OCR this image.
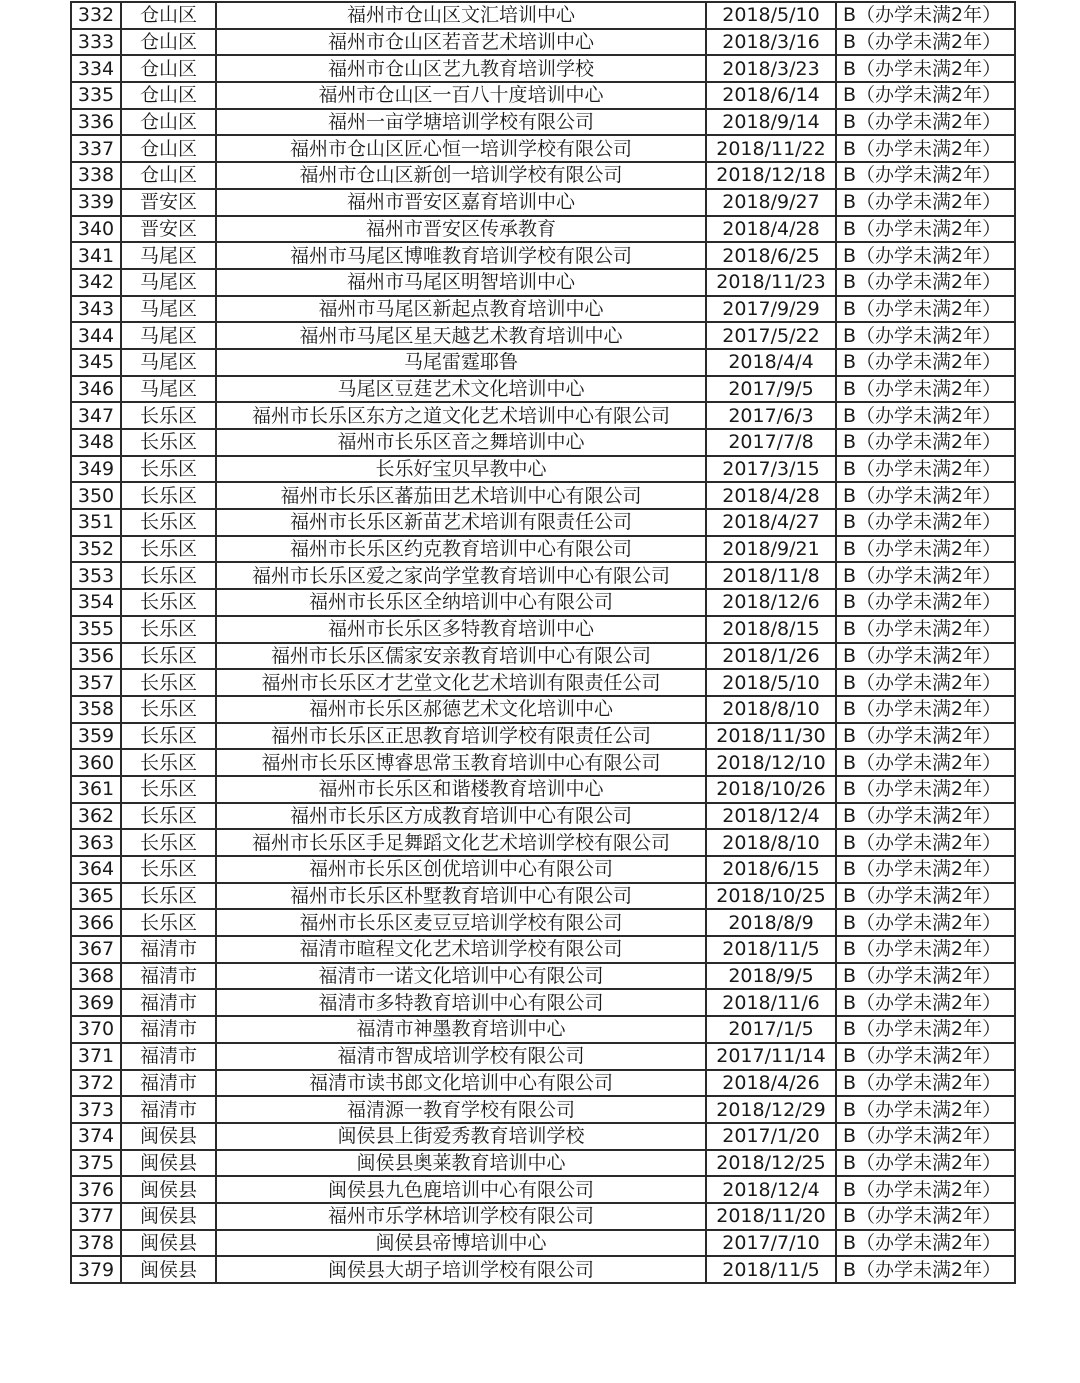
332	仓山区	福州市仓山区文汇培训中心	2018/5/10	B（办学未满2年）
333	仓山区	福州市仓山区若音艺术培训中心	2018/3/16	B（办学未满2年）
334	仓山区	福州市仓山区艺九教育培训学校	2018/3/23	B（办学未满2年）
335	仓山区	福州市仓山区一百八十度培训中心	2018/6/14	B（办学未满2年）
336	仓山区	福州一亩学塘培训学校有限公司	2018/9/14	B（办学未满2年）
337	仓山区	福州市仓山区匠心恒一培训学校有限公司	2018/11/22	B（办学未满2年）
338	仓山区	福州市仓山区新创一培训学校有限公司	2018/12/18	B（办学未满2年）
339	晋安区	福州市晋安区嘉育培训中心	2018/9/27	B（办学未满2年）
340	晋安区	福州市晋安区传承教育	2018/4/28	B（办学未满2年）
341	马尾区	福州市马尾区博唯教育培训学校有限公司	2018/6/25	B（办学未满2年）
342	马尾区	福州市马尾区明智培训中心	2018/11/23	B（办学未满2年）
343	马尾区	福州市马尾区新起点教育培训中心	2017/9/29	B（办学未满2年）
344	马尾区	福州市马尾区星天越艺术教育培训中心	2017/5/22	B（办学未满2年）
345	马尾区	马尾雷霆耶鲁	2018/4/4	B（办学未满2年）
346	马尾区	马尾区豆莛艺术文化培训中心	2017/9/5	B（办学未满2年）
347	长乐区	福州市长乐区东方之道文化艺术培训中心有限公司	2017/6/3	B（办学未满2年）
348	长乐区	福州市长乐区音之舞培训中心	2017/7/8	B（办学未满2年）
349	长乐区	长乐好宝贝早教中心	2017/3/15	B（办学未满2年）
350	长乐区	福州市长乐区蕃茄田艺术培训中心有限公司	2018/4/28	B（办学未满2年）
351	长乐区	福州市长乐区新苗艺术培训有限责任公司	2018/4/27	B（办学未满2年）
352	长乐区	福州市长乐区约克教育培训中心有限公司	2018/9/21	B（办学未满2年）
353	长乐区	福州市长乐区爱之家尚学堂教育培训中心有限公司	2018/11/8	B（办学未满2年）
354	长乐区	福州市长乐区全纳培训中心有限公司	2018/12/6	B（办学未满2年）
355	长乐区	福州市长乐区多特教育培训中心	2018/8/15	B（办学未满2年）
356	长乐区	福州市长乐区儒家安亲教育培训中心有限公司	2018/1/26	B（办学未满2年）
357	长乐区	福州市长乐区才艺堂文化艺术培训有限责任公司	2018/5/10	B（办学未满2年）
358	长乐区	福州市长乐区郝德艺术文化培训中心	2018/8/10	B（办学未满2年）
359	长乐区	福州市长乐区正思教育培训学校有限责任公司	2018/11/30	B（办学未满2年）
360	长乐区	福州市长乐区博睿思常玉教育培训中心有限公司	2018/12/10	B（办学未满2年）
361	长乐区	福州市长乐区和谐楼教育培训中心	2018/10/26	B（办学未满2年）
362	长乐区	福州市长乐区方成教育培训中心有限公司	2018/12/4	B（办学未满2年）
363	长乐区	福州市长乐区手足舞蹈文化艺术培训学校有限公司	2018/8/10	B（办学未满2年）
364	长乐区	福州市长乐区创优培训中心有限公司	2018/6/15	B（办学未满2年）
365	长乐区	福州市长乐区朴墅教育培训中心有限公司	2018/10/25	B（办学未满2年）
366	长乐区	福州市长乐区麦豆豆培训学校有限公司	2018/8/9	B（办学未满2年）
367	福清市	福清市暄程文化艺术培训学校有限公司	2018/11/5	B（办学未满2年）
368	福清市	福清市一诺文化培训中心有限公司	2018/9/5	B（办学未满2年）
369	福清市	福清市多特教育培训中心有限公司	2018/11/6	B（办学未满2年）
370	福清市	福清市神墨教育培训中心	2017/1/5	B（办学未满2年）
371	福清市	福清市智成培训学校有限公司	2017/11/14	B（办学未满2年）
372	福清市	福清市读书郎文化培训中心有限公司	2018/4/26	B（办学未满2年）
373	福清市	福清源一教育学校有限公司	2018/12/29	B（办学未满2年）
374	闽侯县	闽侯县上街爱秀教育培训学校	2017/1/20	B（办学未满2年）
375	闽侯县	闽侯县奥莱教育培训中心	2018/12/25	B（办学未满2年）
376	闽侯县	闽侯县九色鹿培训中心有限公司	2018/12/4	B（办学未满2年）
377	闽侯县	福州市乐学林培训学校有限公司	2018/11/20	B（办学未满2年）
378	闽侯县	闽侯县帝博培训中心	2017/7/10	B（办学未满2年）
379	闽侯县	闽侯县大胡子培训学校有限公司	2018/11/5	B（办学未满2年）
